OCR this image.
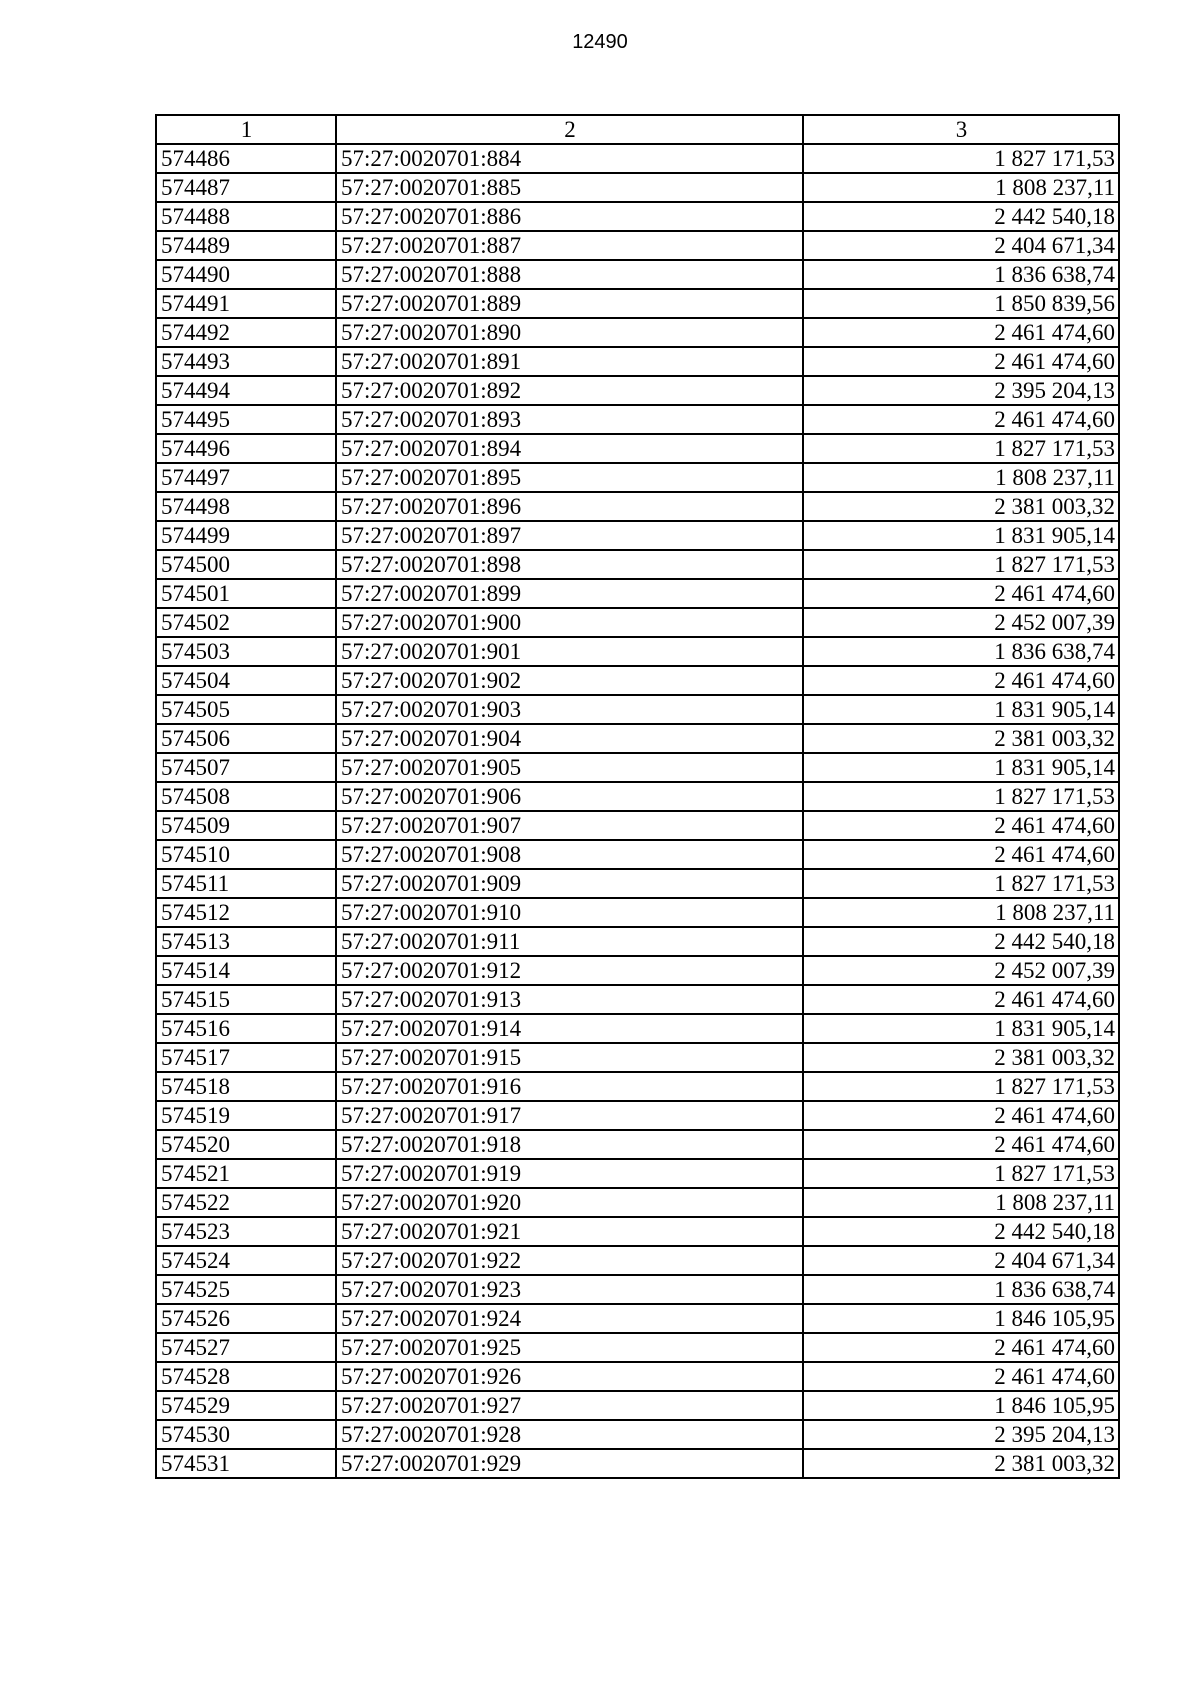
12490
1	2	3
574486	57:27:0020701:884	1 827 171,53
574487	57:27:0020701:885	1 808 237,11
574488	57:27:0020701:886	2 442 540,18
574489	57:27:0020701:887	2 404 671,34
574490	57:27:0020701:888	1 836 638,74
574491	57:27:0020701:889	1 850 839,56
574492	57:27:0020701:890	2 461 474,60
574493	57:27:0020701:891	2 461 474,60
574494	57:27:0020701:892	2 395 204,13
574495	57:27:0020701:893	2 461 474,60
574496	57:27:0020701:894	1 827 171,53
574497	57:27:0020701:895	1 808 237,11
574498	57:27:0020701:896	2 381 003,32
574499	57:27:0020701:897	1 831 905,14
574500	57:27:0020701:898	1 827 171,53
574501	57:27:0020701:899	2 461 474,60
574502	57:27:0020701:900	2 452 007,39
574503	57:27:0020701:901	1 836 638,74
574504	57:27:0020701:902	2 461 474,60
574505	57:27:0020701:903	1 831 905,14
574506	57:27:0020701:904	2 381 003,32
574507	57:27:0020701:905	1 831 905,14
574508	57:27:0020701:906	1 827 171,53
574509	57:27:0020701:907	2 461 474,60
574510	57:27:0020701:908	2 461 474,60
574511	57:27:0020701:909	1 827 171,53
574512	57:27:0020701:910	1 808 237,11
574513	57:27:0020701:911	2 442 540,18
574514	57:27:0020701:912	2 452 007,39
574515	57:27:0020701:913	2 461 474,60
574516	57:27:0020701:914	1 831 905,14
574517	57:27:0020701:915	2 381 003,32
574518	57:27:0020701:916	1 827 171,53
574519	57:27:0020701:917	2 461 474,60
574520	57:27:0020701:918	2 461 474,60
574521	57:27:0020701:919	1 827 171,53
574522	57:27:0020701:920	1 808 237,11
574523	57:27:0020701:921	2 442 540,18
574524	57:27:0020701:922	2 404 671,34
574525	57:27:0020701:923	1 836 638,74
574526	57:27:0020701:924	1 846 105,95
574527	57:27:0020701:925	2 461 474,60
574528	57:27:0020701:926	2 461 474,60
574529	57:27:0020701:927	1 846 105,95
574530	57:27:0020701:928	2 395 204,13
574531	57:27:0020701:929	2 381 003,32
